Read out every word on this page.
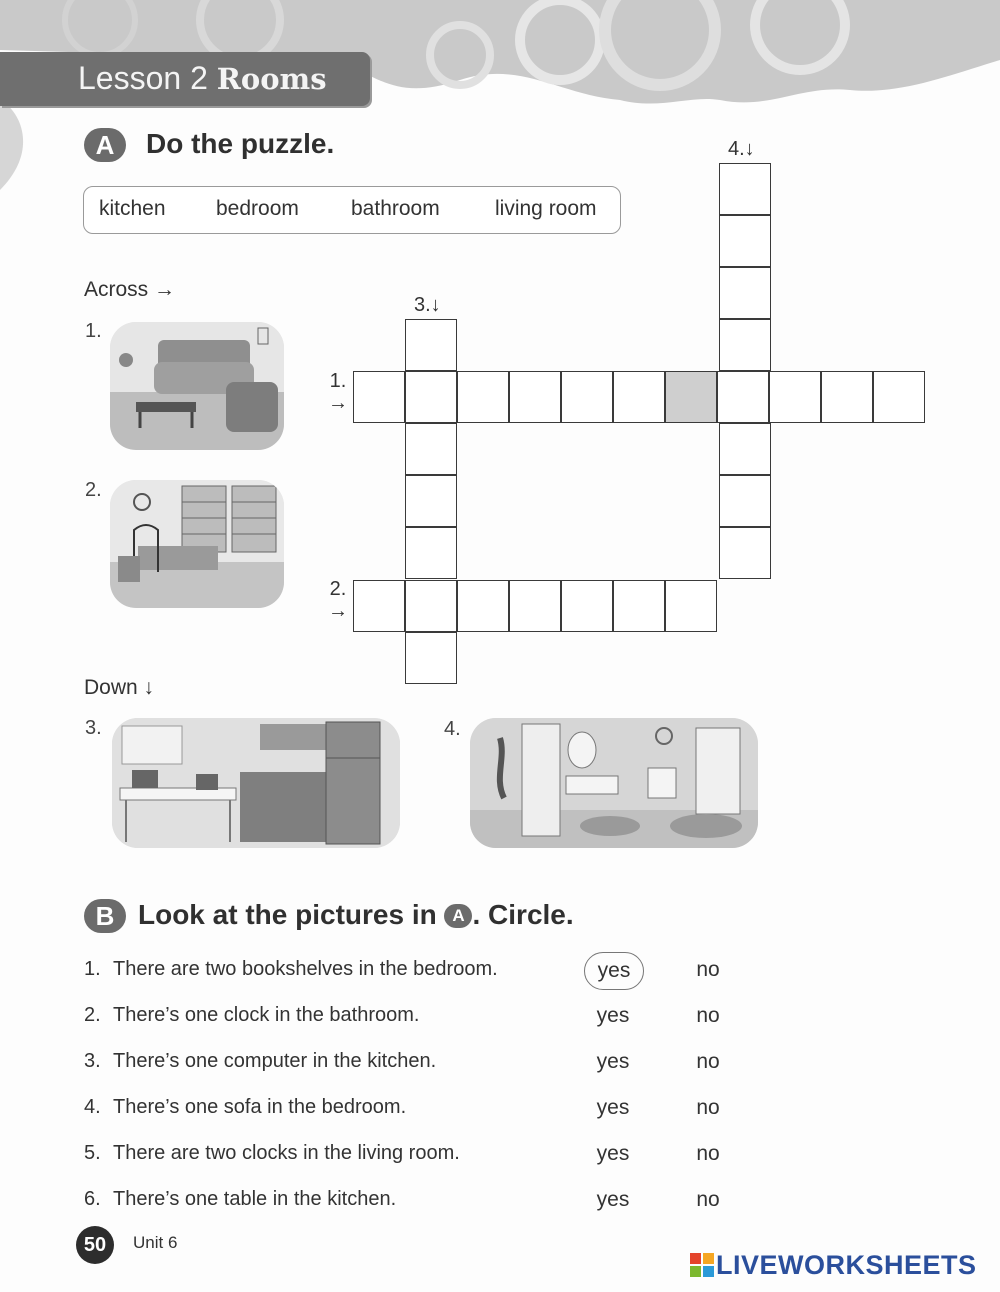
Lesson 2 Rooms
A	Do the puzzle.
kitchen bedroom bathroom	living room
Across →
Down ↓
1.
2.
3.	4.
3.↓
4.↓
1.
→
2.
→
B Look at the pictures in A . Circle.
1. There are two bookshelves in the bedroom.	yes	no
2. There’s one clock in the bathroom.	yes	no
3. There’s one computer in the kitchen.	yes	no
4. There’s one sofa in the bedroom.	yes	no
5. There are two clocks in the living room.	yes	no
6. There’s one table in the kitchen.	yes	no
50	Unit 6
LIVEWORKSHEETS
